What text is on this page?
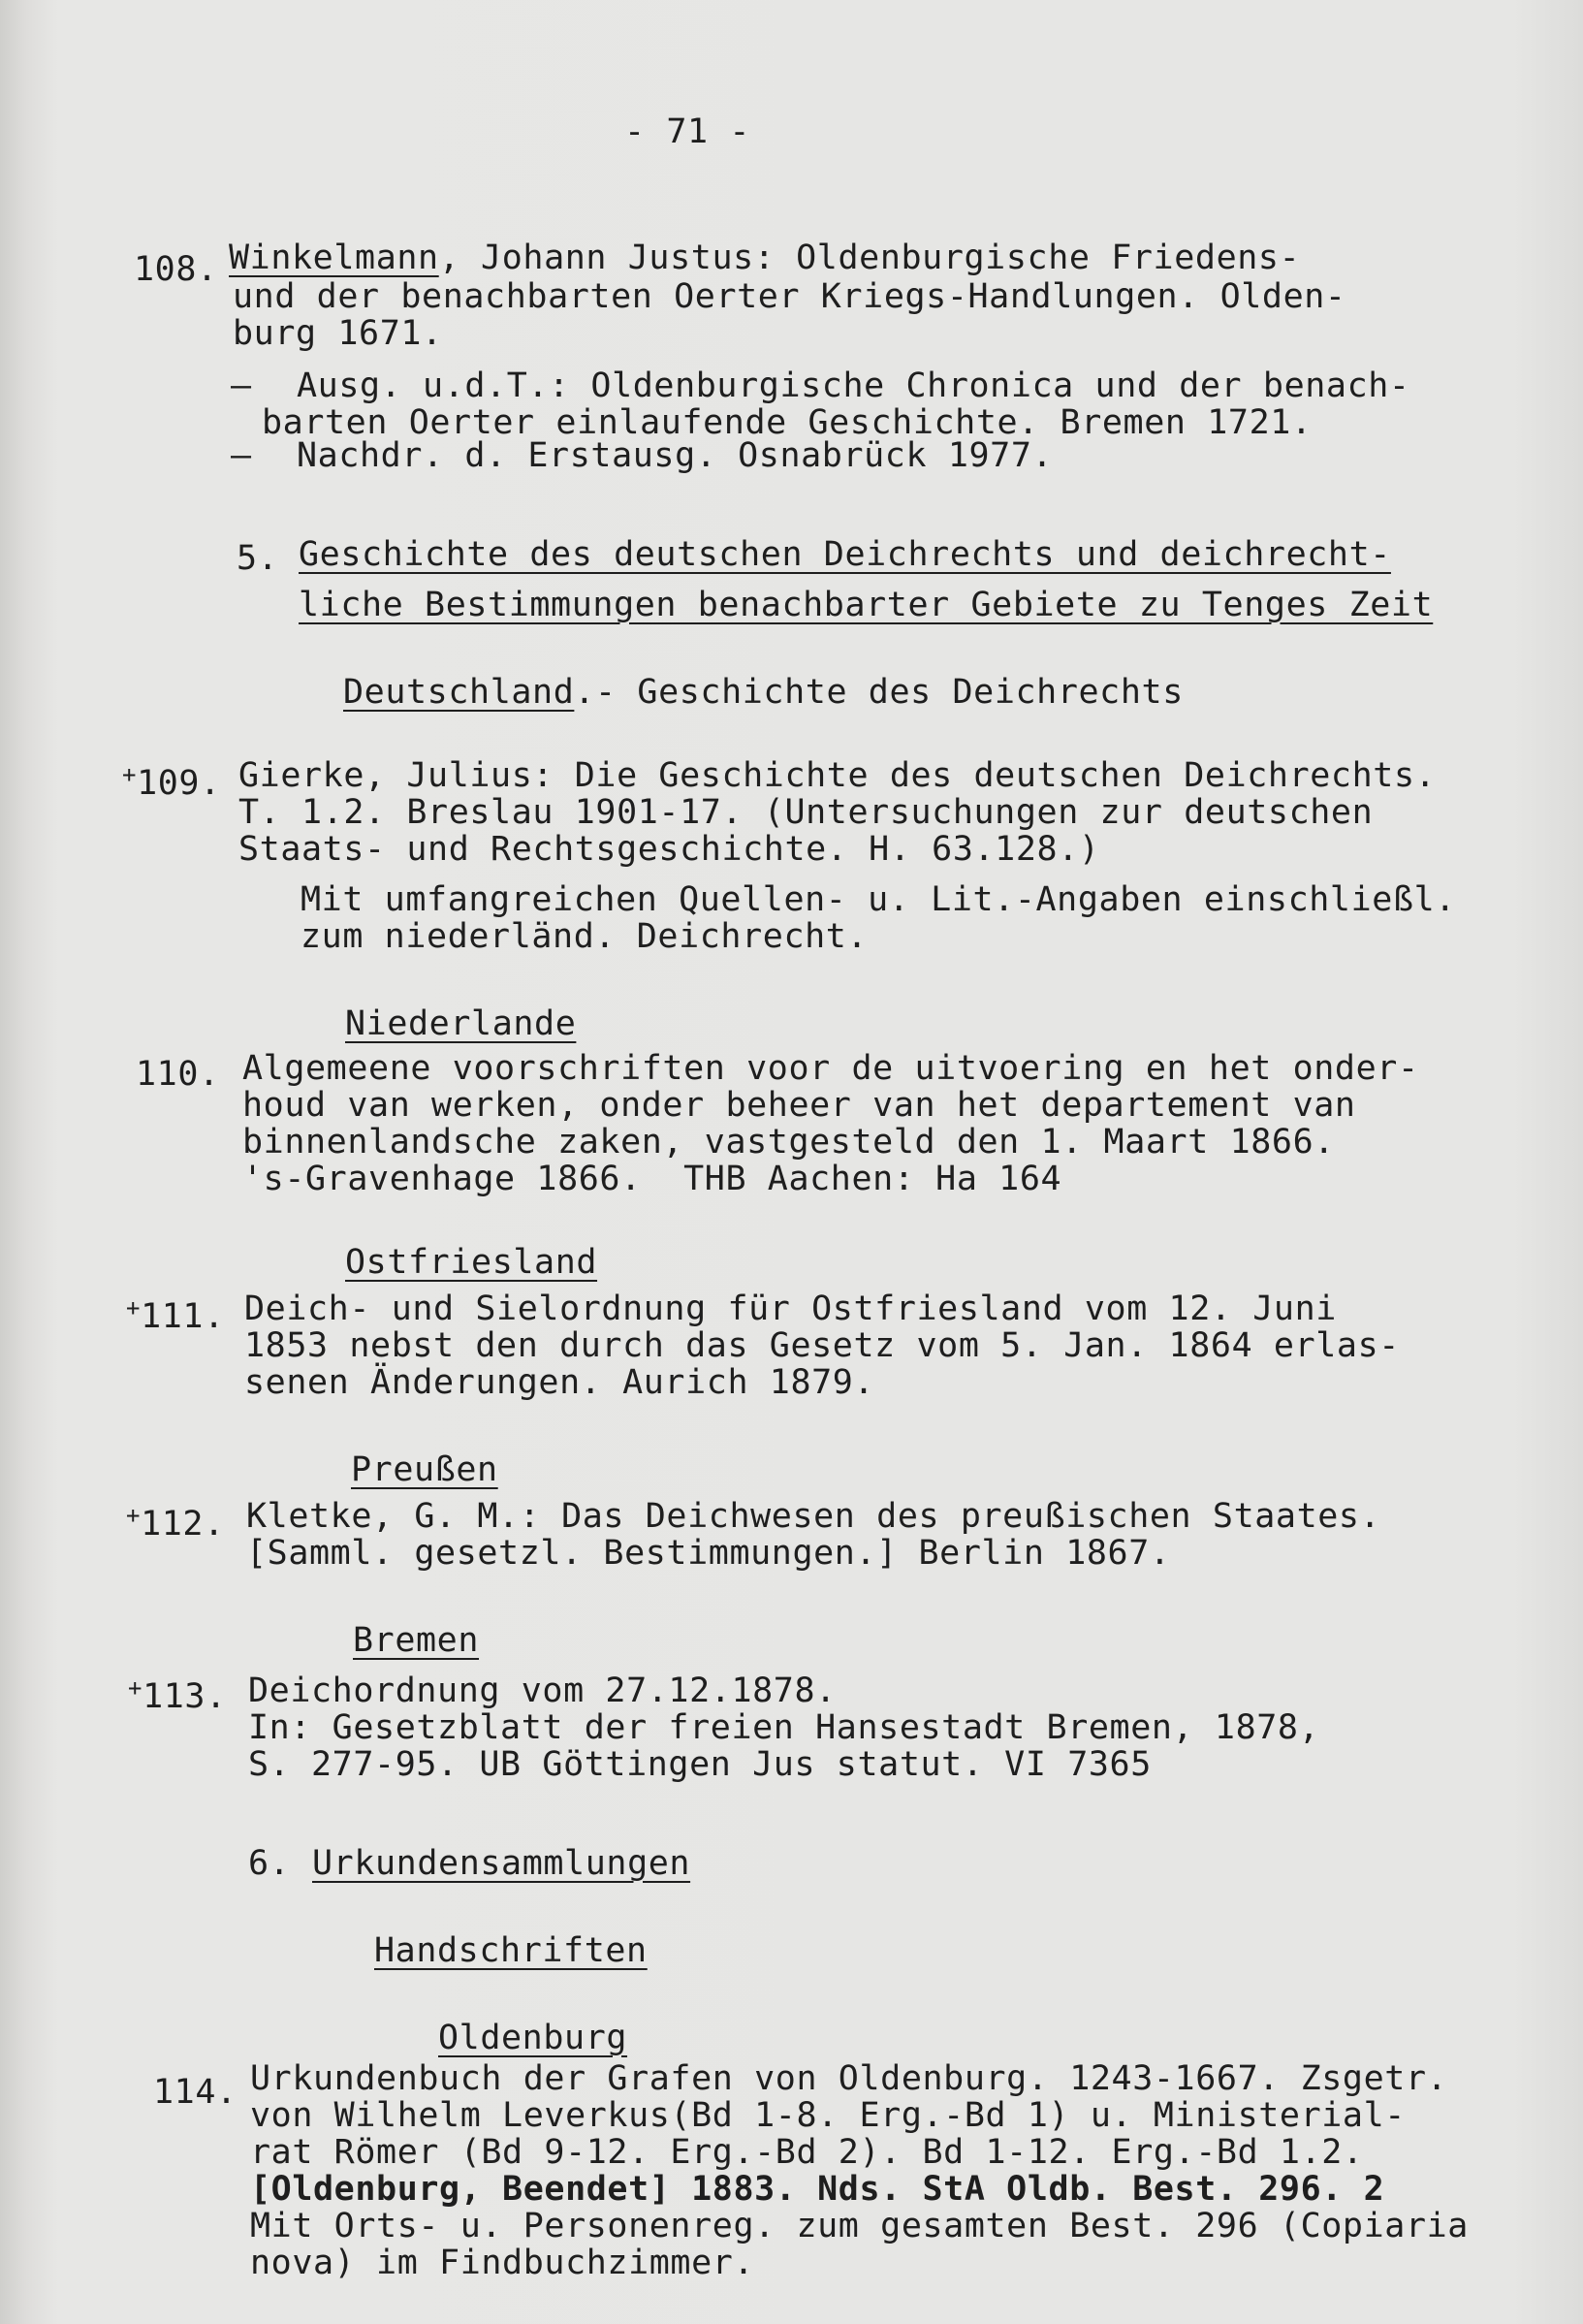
- 71 -
108. Winkelmann, Johann Justus: Oldenburgische Friedens-
und der benachbarten Oerter Kriegs-Handlungen. Olden-
burg 1671.
— Ausg. u.d.T.: Oldenburgische Chronica und der benach-
barten Oerter einlaufende Geschichte. Bremen 1721.
— Nachdr. d. Erstausg. Osnabrück 1977.
5. Geschichte des deutschen Deichrechts und deichrecht-
liche Bestimmungen benachbarter Gebiete zu Tenges Zeit
Deutschland.- Geschichte des Deichrechts
+109. Gierke, Julius: Die Geschichte des deutschen Deichrechts.
T. 1.2. Breslau 1901-17. (Untersuchungen zur deutschen
Staats- und Rechtsgeschichte. H. 63.128.)
Mit umfangreichen Quellen- u. Lit.-Angaben einschließl.
zum niederländ. Deichrecht.
Niederlande
110. Algemeene voorschriften voor de uitvoering en het onder-
houd van werken, onder beheer van het departement van
binnenlandsche zaken, vastgesteld den 1. Maart 1866.
's-Gravenhage 1866.  THB Aachen: Ha 164
Ostfriesland
+111. Deich- und Sielordnung für Ostfriesland vom 12. Juni
1853 nebst den durch das Gesetz vom 5. Jan. 1864 erlas-
senen Änderungen. Aurich 1879.
Preußen
+112. Kletke, G. M.: Das Deichwesen des preußischen Staates.
[Samml. gesetzl. Bestimmungen.] Berlin 1867.
Bremen
+113. Deichordnung vom 27.12.1878.
In: Gesetzblatt der freien Hansestadt Bremen, 1878,
S. 277-95. UB Göttingen Jus statut. VI 7365
6. Urkundensammlungen
Handschriften
Oldenburg
114. Urkundenbuch der Grafen von Oldenburg. 1243-1667. Zsgetr.
von Wilhelm Leverkus(Bd 1-8. Erg.-Bd 1) u. Ministerial-
rat Römer (Bd 9-12. Erg.-Bd 2). Bd 1-12. Erg.-Bd 1.2.
[Oldenburg, Beendet] 1883. Nds. StA Oldb. Best. 296. 2
Mit Orts- u. Personenreg. zum gesamten Best. 296 (Copiaria
nova) im Findbuchzimmer.
